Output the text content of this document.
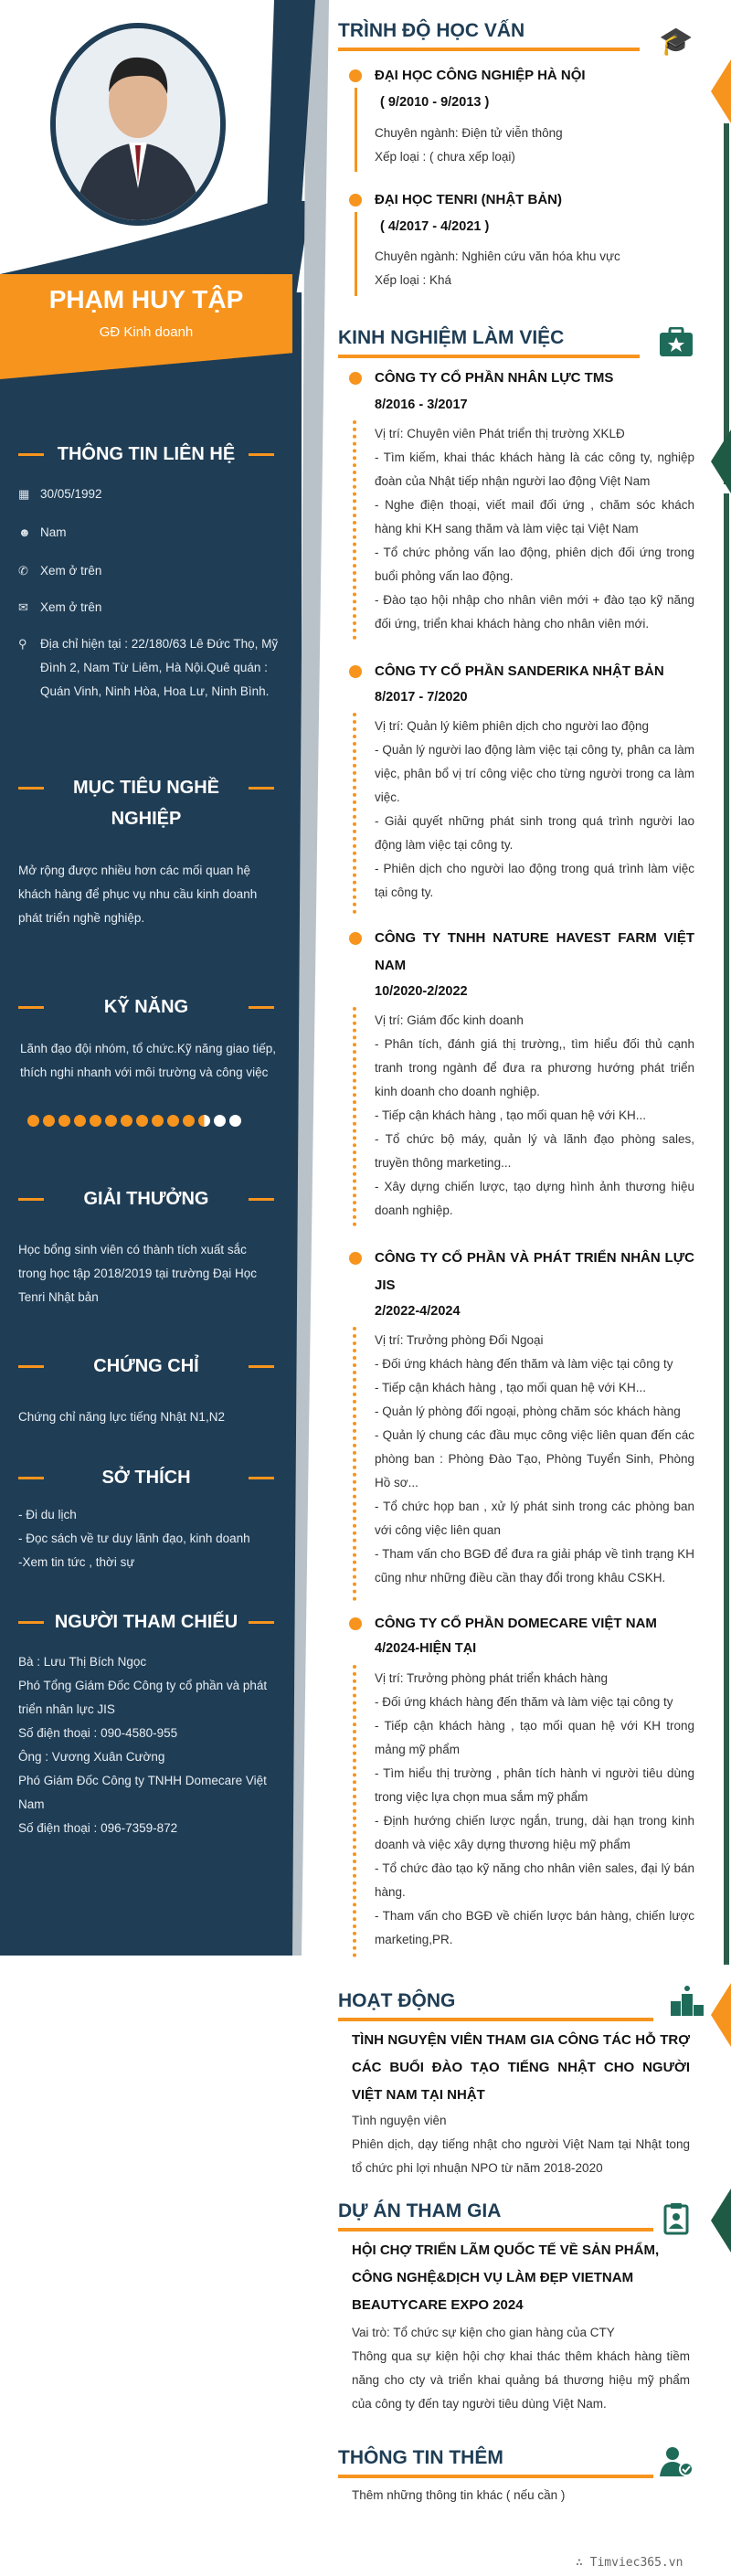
PHẠM HUY TẬP
GĐ Kinh doanh
THÔNG TIN LIÊN HỆ
▦ 30/05/1992
☻ Nam
✆ Xem ở trên
✉ Xem ở trên
⚲	Địa chỉ hiện tại : 22/180/63 Lê Đức Thọ, Mỹ Đình 2, Nam Từ Liêm, Hà Nội.Quê quán : Quán Vinh, Ninh Hòa, Hoa Lư, Ninh Bình.
MỤC TIÊU NGHỀ
NGHIỆP
Mở rộng được nhiều hơn các mối quan hệ khách hàng để phục vụ nhu cầu kinh doanh phát triển nghề nghiệp.
KỸ NĂNG
Lãnh đạo đội nhóm, tổ chức.Kỹ năng giao tiếp, thích nghi nhanh với môi trường và công việc
GIẢI THƯỞNG
Học bổng sinh viên có thành tích xuất sắc trong học tập 2018/2019 tại trường Đại Học Tenri Nhật bản
CHỨNG CHỈ
Chứng chỉ năng lực tiếng Nhật N1,N2
SỞ THÍCH
- Đi du lịch
- Đọc sách về tư duy lãnh đạo, kinh doanh
-Xem tin tức , thời sự
NGƯỜI THAM CHIẾU
Bà : Lưu Thị Bích Ngọc
Phó Tổng Giám Đốc Công ty cổ phần và phát triển nhân lực JIS
Số điện thoại : 090-4580-955
Ông : Vương Xuân Cường
Phó Giám Đốc Công ty TNHH Domecare Việt Nam
Số điện thoại : 096-7359-872
TRÌNH ĐỘ HỌC VẤN	🎓
ĐẠI HỌC CÔNG NGHIỆP HÀ NỘI
( 9/2010 - 9/2013 )
Chuyên ngành: Điện tử viễn thông
Xếp loại : ( chưa xếp loại)
ĐẠI HỌC TENRI (NHẬT BẢN)
( 4/2017 - 4/2021 )
Chuyên ngành: Nghiên cứu văn hóa khu vực
Xếp loại : Khá
KINH NGHIỆM LÀM VIỆC
CÔNG TY CỔ PHẦN NHÂN LỰC TMS
8/2016 - 3/2017
Vị trí: Chuyên viên Phát triển thị trường XKLĐ
- Tìm kiếm, khai thác khách hàng là các công ty, nghiệp đoàn của Nhật tiếp nhận người lao động Việt Nam
- Nghe điện thoại, viết mail đối ứng , chăm sóc khách hàng khi KH sang thăm và làm việc tại Việt Nam
- Tổ chức phỏng vấn lao động, phiên dịch đối ứng trong buổi phỏng vấn lao động.
- Đào tạo hội nhập cho nhân viên mới + đào tạo kỹ năng đối ứng, triển khai khách hàng cho nhân viên mới.
CÔNG TY CỔ PHẦN SANDERIKA NHẬT BẢN
8/2017 - 7/2020
Vị trí: Quản lý kiêm phiên dịch cho người lao động
- Quản lý người lao động làm việc tại công ty, phân ca làm việc, phân bổ vị trí công việc cho từng người trong ca làm việc.
- Giải quyết những phát sinh trong quá trình người lao động làm việc tại công ty.
- Phiên dịch cho người lao động trong quá trình làm việc tại công ty.
CÔNG TY TNHH NATURE HAVEST FARM VIỆT NAM
10/2020-2/2022
Vị trí: Giám đốc kinh doanh
- Phân tích, đánh giá thị trường,, tìm hiểu đối thủ cạnh tranh trong ngành để đưa ra phương hướng phát triển kinh doanh cho doanh nghiệp.
- Tiếp cận khách hàng , tạo mối quan hệ với KH...
- Tổ chức bộ máy, quản lý và lãnh đạo phòng sales, truyền thông marketing...
- Xây dựng chiến lược, tạo dựng hình ảnh thương hiệu doanh nghiệp.
CÔNG TY CỔ PHẦN VÀ PHÁT TRIỂN NHÂN LỰC JIS
2/2022-4/2024
Vị trí: Trưởng phòng Đối Ngoại
- Đối ứng khách hàng đến thăm và làm việc tại công ty
- Tiếp cận khách hàng , tạo mối quan hệ với KH...
- Quản lý phòng đối ngoại, phòng chăm sóc khách hàng
- Quản lý chung các đầu mục công việc liên quan đến các phòng ban : Phòng Đào Tạo, Phòng Tuyển Sinh, Phòng Hồ sơ...
- Tổ chức họp ban , xử lý phát sinh trong các phòng ban với công việc liên quan
- Tham vấn cho BGĐ để đưa ra giải pháp về tình trạng KH cũng như những điều cần thay đổi trong khâu CSKH.
CÔNG TY CỔ PHẦN DOMECARE VIỆT NAM
4/2024-HIỆN TẠI
Vị trí: Trưởng phòng phát triển khách hàng
- Đối ứng khách hàng đến thăm và làm việc tại công ty
- Tiếp cận khách hàng , tạo mối quan hệ với KH trong mảng mỹ phẩm
- Tìm hiểu thị trường , phân tích hành vi người tiêu dùng trong việc lựa chọn mua sắm mỹ phẩm
- Định hướng chiến lược ngắn, trung, dài hạn trong kinh doanh và việc xây dựng thương hiệu mỹ phẩm
- Tổ chức đào tạo kỹ năng cho nhân viên sales, đại lý bán hàng.
- Tham vấn cho BGĐ về chiến lược bán hàng, chiến lược marketing,PR.
HOẠT ĐỘNG
TÌNH NGUYỆN VIÊN THAM GIA CÔNG TÁC HỖ TRỢ CÁC BUỔI ĐÀO TẠO TIẾNG NHẬT CHO NGƯỜI VIỆT NAM TẠI NHẬT
Tình nguyện viên
Phiên dịch, dạy tiếng nhật cho người Việt Nam tại Nhật tong tổ chức phi lợi nhuận NPO từ năm 2018-2020
DỰ ÁN THAM GIA
HỘI CHỢ TRIỂN LÃM QUỐC TẾ VỀ SẢN PHẨM, CÔNG NGHỆ&DỊCH VỤ LÀM ĐẸP VIETNAM BEAUTYCARE EXPO 2024
Vai trò: Tổ chức sự kiện cho gian hàng của CTY
Thông qua sự kiện hội chợ khai thác thêm khách hàng tiềm năng cho cty và triển khai quảng bá thương hiệu mỹ phẩm của công ty đến tay người tiêu dùng Việt Nam.
THÔNG TIN THÊM
Thêm những thông tin khác ( nếu cần )
∴ Timviec365.vn
